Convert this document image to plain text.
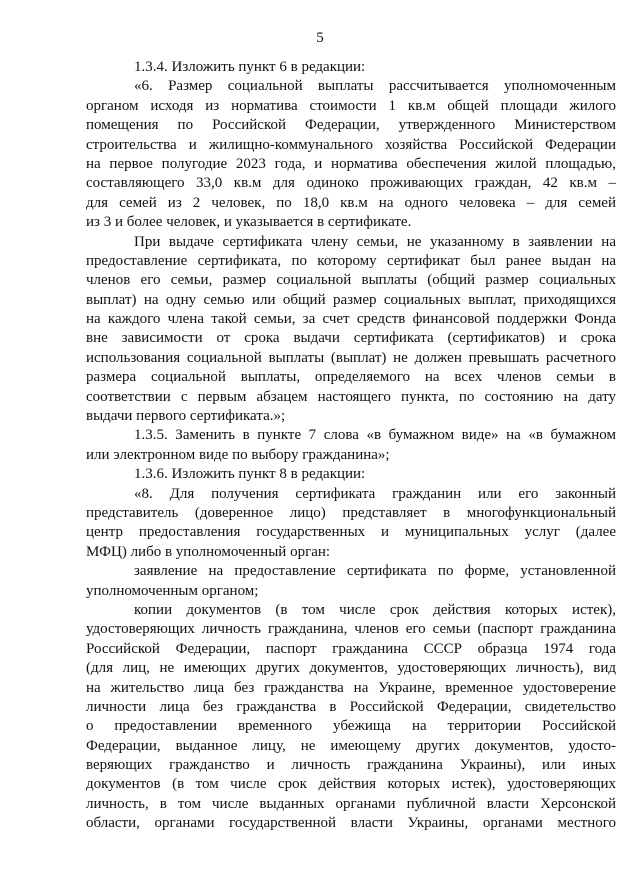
5
1.3.4. Изложить пункт 6 в редакции:
«6. Размер социальной выплаты рассчитывается уполномоченным
органом исходя из норматива стоимости 1 кв.м общей площади жилого
помещения по Российской Федерации, утвержденного Министерством
строительства и жилищно-коммунального хозяйства Российской Федерации
на первое полугодие 2023 года, и норматива обеспечения жилой площадью,
составляющего 33,0 кв.м для одиноко проживающих граждан, 42 кв.м –
для семей из 2 человек, по 18,0 кв.м на одного человека – для семей
из 3 и более человек, и указывается в сертификате.
При выдаче сертификата члену семьи, не указанному в заявлении на
предоставление сертификата, по которому сертификат был ранее выдан на
членов его семьи, размер социальной выплаты (общий размер социальных
выплат) на одну семью или общий размер социальных выплат, приходящихся
на каждого члена такой семьи, за счет средств финансовой поддержки Фонда
вне зависимости от срока выдачи сертификата (сертификатов) и срока
использования социальной выплаты (выплат) не должен превышать расчетного
размера социальной выплаты, определяемого на всех членов семьи в
соответствии с первым абзацем настоящего пункта, по состоянию на дату
выдачи первого сертификата.»;
1.3.5. Заменить в пункте 7 слова «в бумажном виде» на «в бумажном
или электронном виде по выбору гражданина»;
1.3.6. Изложить пункт 8 в редакции:
«8. Для получения сертификата гражданин или его законный
представитель (доверенное лицо) представляет в многофункциональный
центр предоставления государственных и муниципальных услуг (далее
МФЦ) либо в уполномоченный орган:
заявление на предоставление сертификата по форме, установленной
уполномоченным органом;
копии документов (в том числе срок действия которых истек),
удостоверяющих личность гражданина, членов его семьи (паспорт гражданина
Российской Федерации, паспорт гражданина СССР образца 1974 года
(для лиц, не имеющих других документов, удостоверяющих личность), вид
на жительство лица без гражданства на Украине, временное удостоверение
личности лица без гражданства в Российской Федерации, свидетельство
о предоставлении временного убежища на территории Российской
Федерации, выданное лицу, не имеющему других документов, удосто-
веряющих гражданство и личность гражданина Украины), или иных
документов (в том числе срок действия которых истек), удостоверяющих
личность, в том числе выданных органами публичной власти Херсонской
области, органами государственной власти Украины, органами местного
